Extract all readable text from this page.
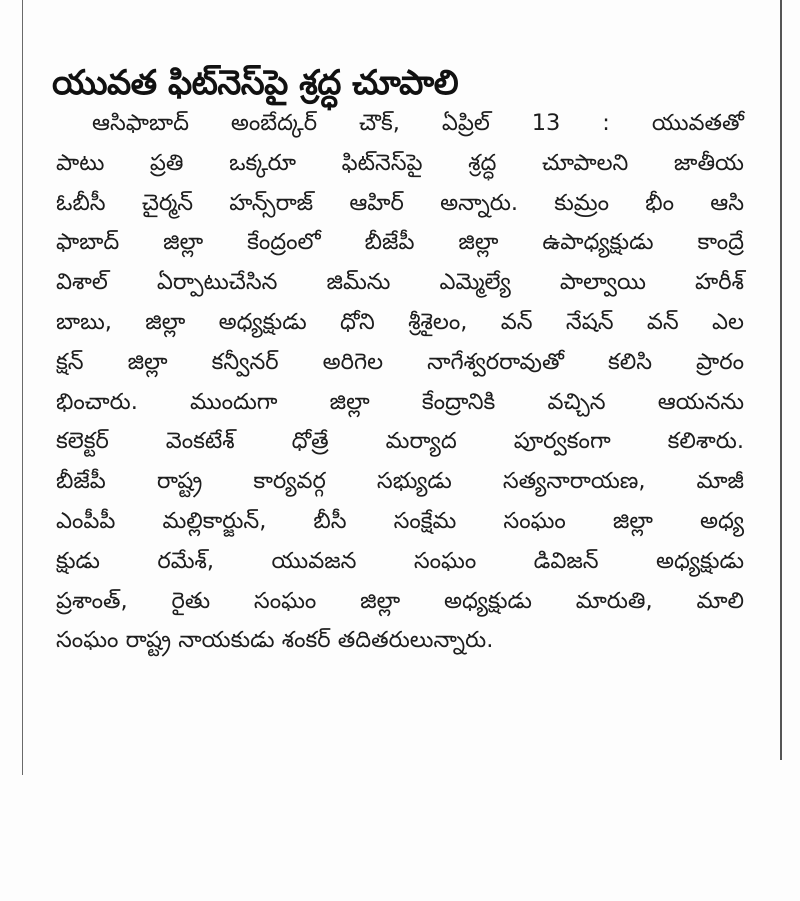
యువత ఫిట్‌నెస్‌పై శ్రద్ధ చూపాలి
ఆసిఫాబాద్ అంబేద్కర్ చౌక్, ఏప్రిల్ 13 : యువతతో
పాటు ప్రతి ఒక్కరూ ఫిట్‌నెస్‌పై శ్రద్ధ చూపాలని జాతీయ
ఓబీసీ చైర్మన్ హన్స్‌రాజ్ ఆహిర్ అన్నారు. కుమ్రం భీం ఆసి
ఫాబాద్ జిల్లా కేంద్రంలో బీజేపీ జిల్లా ఉపాధ్యక్షుడు కాంద్రే
విశాల్ ఏర్పాటుచేసిన జిమ్‌ను ఎమ్మెల్యే పాల్వాయి హరీశ్
బాబు, జిల్లా అధ్యక్షుడు ధోని శ్రీశైలం, వన్ నేషన్ వన్ ఎల
క్షన్ జిల్లా కన్వీనర్ అరిగెల నాగేశ్వరరావుతో కలిసి ప్రారం
భించారు. ముందుగా జిల్లా కేంద్రానికి వచ్చిన ఆయనను
కలెక్టర్ వెంకటేశ్ ధోత్రే మర్యాద పూర్వకంగా కలిశారు.
బీజేపీ రాష్ట్ర కార్యవర్గ సభ్యుడు సత్యనారాయణ, మాజీ
ఎంపీపీ మల్లికార్జున్, బీసీ సంక్షేమ సంఘం జిల్లా అధ్య
క్షుడు రమేశ్, యువజన సంఘం డివిజన్ అధ్యక్షుడు
ప్రశాంత్, రైతు సంఘం జిల్లా అధ్యక్షుడు మారుతి, మాలి
సంఘం రాష్ట్ర నాయకుడు శంకర్ తదితరులున్నారు.
